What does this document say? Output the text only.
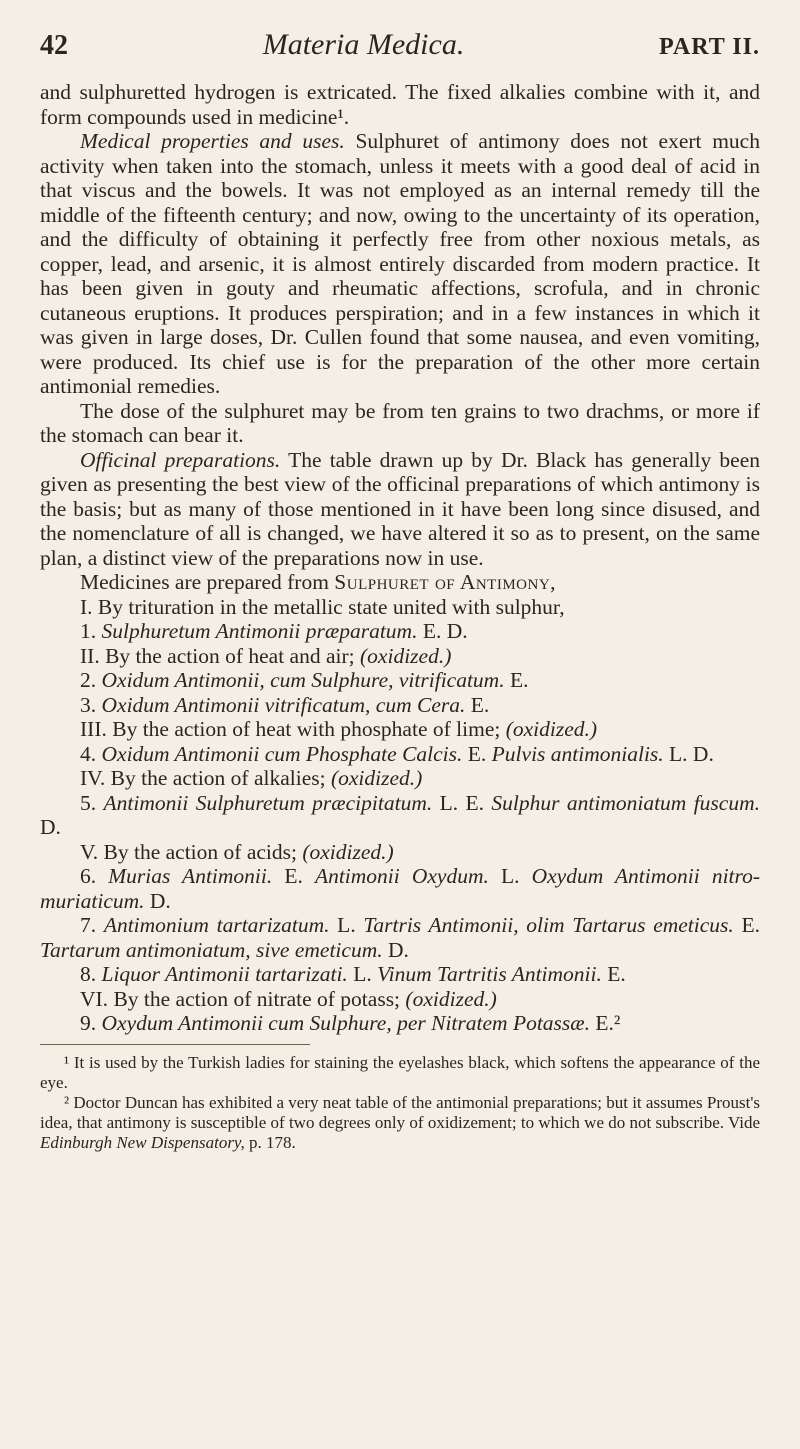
42	Materia Medica.	PART II.

and sulphuretted hydrogen is extricated. The fixed alkalies combine with it, and form compounds used in medicine¹.

Medical properties and uses. Sulphuret of antimony does not exert much activity when taken into the stomach, unless it meets with a good deal of acid in that viscus and the bowels. It was not employed as an internal remedy till the middle of the fifteenth century; and now, owing to the uncertainty of its operation, and the difficulty of obtaining it perfectly free from other noxious metals, as copper, lead, and arsenic, it is almost entirely discarded from modern practice. It has been given in gouty and rheumatic affections, scrofula, and in chronic cutaneous eruptions. It produces perspiration; and in a few instances in which it was given in large doses, Dr. Cullen found that some nausea, and even vomiting, were produced. Its chief use is for the preparation of the other more certain antimonial remedies.

The dose of the sulphuret may be from ten grains to two drachms, or more if the stomach can bear it.

Officinal preparations. The table drawn up by Dr. Black has generally been given as presenting the best view of the officinal preparations of which antimony is the basis; but as many of those mentioned in it have been long since disused, and the nomenclature of all is changed, we have altered it so as to present, on the same plan, a distinct view of the preparations now in use.

Medicines are prepared from Sulphuret of Antimony,

I. By trituration in the metallic state united with sulphur,

1. Sulphuretum Antimonii præparatum. E. D.

II. By the action of heat and air; (oxidized.)

2. Oxidum Antimonii, cum Sulphure, vitrificatum. E.

3. Oxidum Antimonii vitrificatum, cum Cera. E.

III. By the action of heat with phosphate of lime; (oxidized.)

4. Oxidum Antimonii cum Phosphate Calcis. E. Pulvis antimonialis. L. D.

IV. By the action of alkalies; (oxidized.)

5. Antimonii Sulphuretum præcipitatum. L. E. Sulphur antimoniatum fuscum. D.

V. By the action of acids; (oxidized.)

6. Murias Antimonii. E. Antimonii Oxydum. L. Oxydum Antimonii nitro-muriaticum. D.

7. Antimonium tartarizatum. L. Tartris Antimonii, olim Tartarus emeticus. E. Tartarum antimoniatum, sive emeticum. D.

8. Liquor Antimonii tartarizati. L. Vinum Tartritis Antimonii. E.

VI. By the action of nitrate of potass; (oxidized.)

9. Oxydum Antimonii cum Sulphure, per Nitratem Potassæ. E.²

¹ It is used by the Turkish ladies for staining the eyelashes black, which softens the appearance of the eye.

² Doctor Duncan has exhibited a very neat table of the antimonial preparations; but it assumes Proust's idea, that antimony is susceptible of two degrees only of oxidizement; to which we do not subscribe. Vide Edinburgh New Dispensatory, p. 178.
